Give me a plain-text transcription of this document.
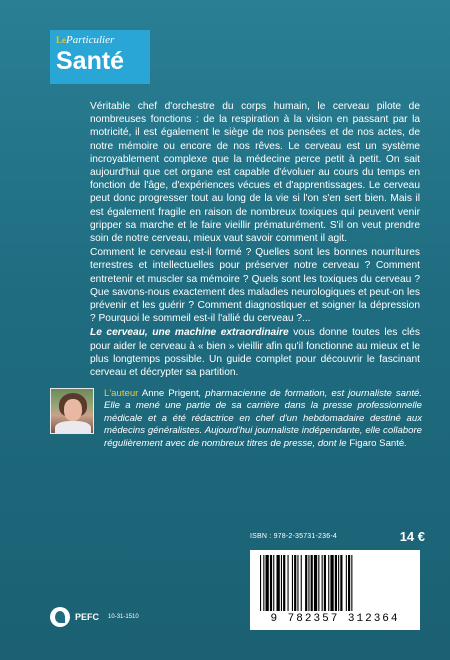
LeParticulier
Santé

Véritable chef d'orchestre du corps humain, le cerveau pilote de nombreuses fonctions : de la respiration à la vision en passant par la motricité, il est également le siège de nos pensées et de nos actes, de notre mémoire ou encore de nos rêves. Le cerveau est un système incroyablement complexe que la médecine perce petit à petit. On sait aujourd'hui que cet organe est capable d'évoluer au cours du temps en fonction de l'âge, d'expériences vécues et d'apprentissages. Le cerveau peut donc progresser tout au long de la vie si l'on s'en sert bien. Mais il est également fragile en raison de nombreux toxiques qui peuvent venir gripper sa marche et le faire vieillir prématurément. S'il on veut prendre soin de notre cerveau, mieux vaut savoir comment il agit.

Comment le cerveau est-il formé ? Quelles sont les bonnes nourritures terrestres et intellectuelles pour préserver notre cerveau ? Comment entretenir et muscler sa mémoire ? Quels sont les toxiques du cerveau ? Que savons-nous exactement des maladies neurologiques et peut-on les prévenir et les guérir ? Comment diagnostiquer et soigner la dépression ? Pourquoi le sommeil est-il l'allié du cerveau ?...

Le cerveau, une machine extraordinaire vous donne toutes les clés pour aider le cerveau à « bien » vieillir afin qu'il fonctionne au mieux et le plus longtemps possible. Un guide complet pour découvrir le fascinant cerveau et décrypter sa partition.

L'auteur Anne Prigent, pharmacienne de formation, est journaliste santé. Elle a mené une partie de sa carrière dans la presse professionnelle médicale et a été rédactrice en chef d'un hebdomadaire destiné aux médecins généralistes. Aujourd'hui journaliste indépendante, elle collabore régulièrement avec de nombreux titres de presse, dont le Figaro Santé.
ISBN : 978-2-35731-236-4	14 €
9 782357 312364
PEFC 10-31-1510
